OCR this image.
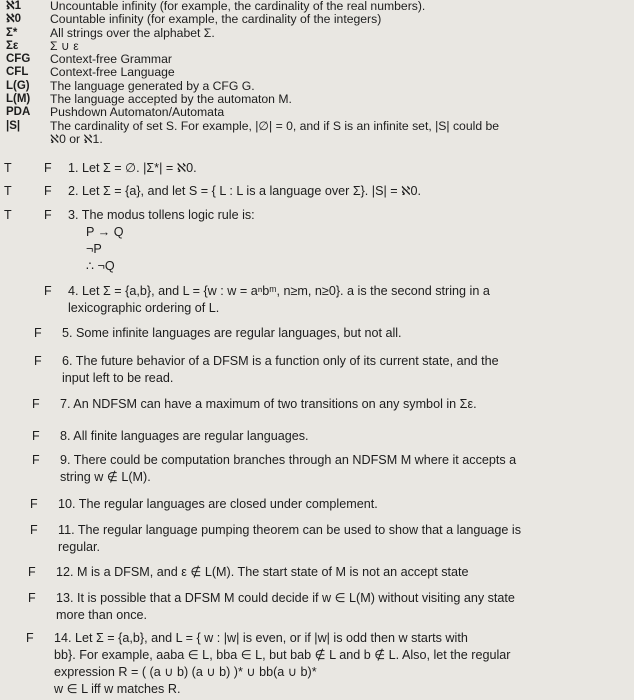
ℵ1	Uncountable infinity (for example, the cardinality of the real numbers).
ℵ0	Countable infinity (for example, the cardinality of the integers)
Σ*	All strings over the alphabet Σ.
Σε	Σ ∪ ε
CFG	Context-free Grammar
CFL	Context-free Language
L(G)	The language generated by a CFG G.
L(M)	The language accepted by the automaton M.
PDA	Pushdown Automaton/Automata
|S|	The cardinality of set S. For example, |∅| = 0, and if S is an infinite set, |S| could be
ℵ0 or ℵ1.
T	F 1. Let Σ = ∅. |Σ*| = ℵ0.
T	F 2. Let Σ = {a}, and let S = { L : L is a language over Σ}. |S| = ℵ0.
T	F 3. The modus tollens logic rule is:
P → Q
¬P
∴ ¬Q
F 4. Let Σ = {a,b}, and L = {w : w = aⁿbᵐ, n≥m, n≥0}. a is the second string in a
lexicographic ordering of L.
F 5. Some infinite languages are regular languages, but not all.
F 6. The future behavior of a DFSM is a function only of its current state, and the
input left to be read.
F 7. An NDFSM can have a maximum of two transitions on any symbol in Σε.
F 8. All finite languages are regular languages.
F 9. There could be computation branches through an NDFSM M where it accepts a
string w ∉ L(M).
F 10. The regular languages are closed under complement.
F 11. The regular language pumping theorem can be used to show that a language is
regular.
F 12. M is a DFSM, and ε ∉ L(M). The start state of M is not an accept state
F 13. It is possible that a DFSM M could decide if w ∈ L(M) without visiting any state
more than once.
F 14. Let Σ = {a,b}, and L = { w : |w| is even, or if |w| is odd then w starts with
bb}. For example, aaba ∈ L, bba ∈ L, but bab ∉ L and b ∉ L. Also, let the regular
expression R = ( (a ∪ b) (a ∪ b) )* ∪ bb(a ∪ b)*
w ∈ L iff w matches R.
